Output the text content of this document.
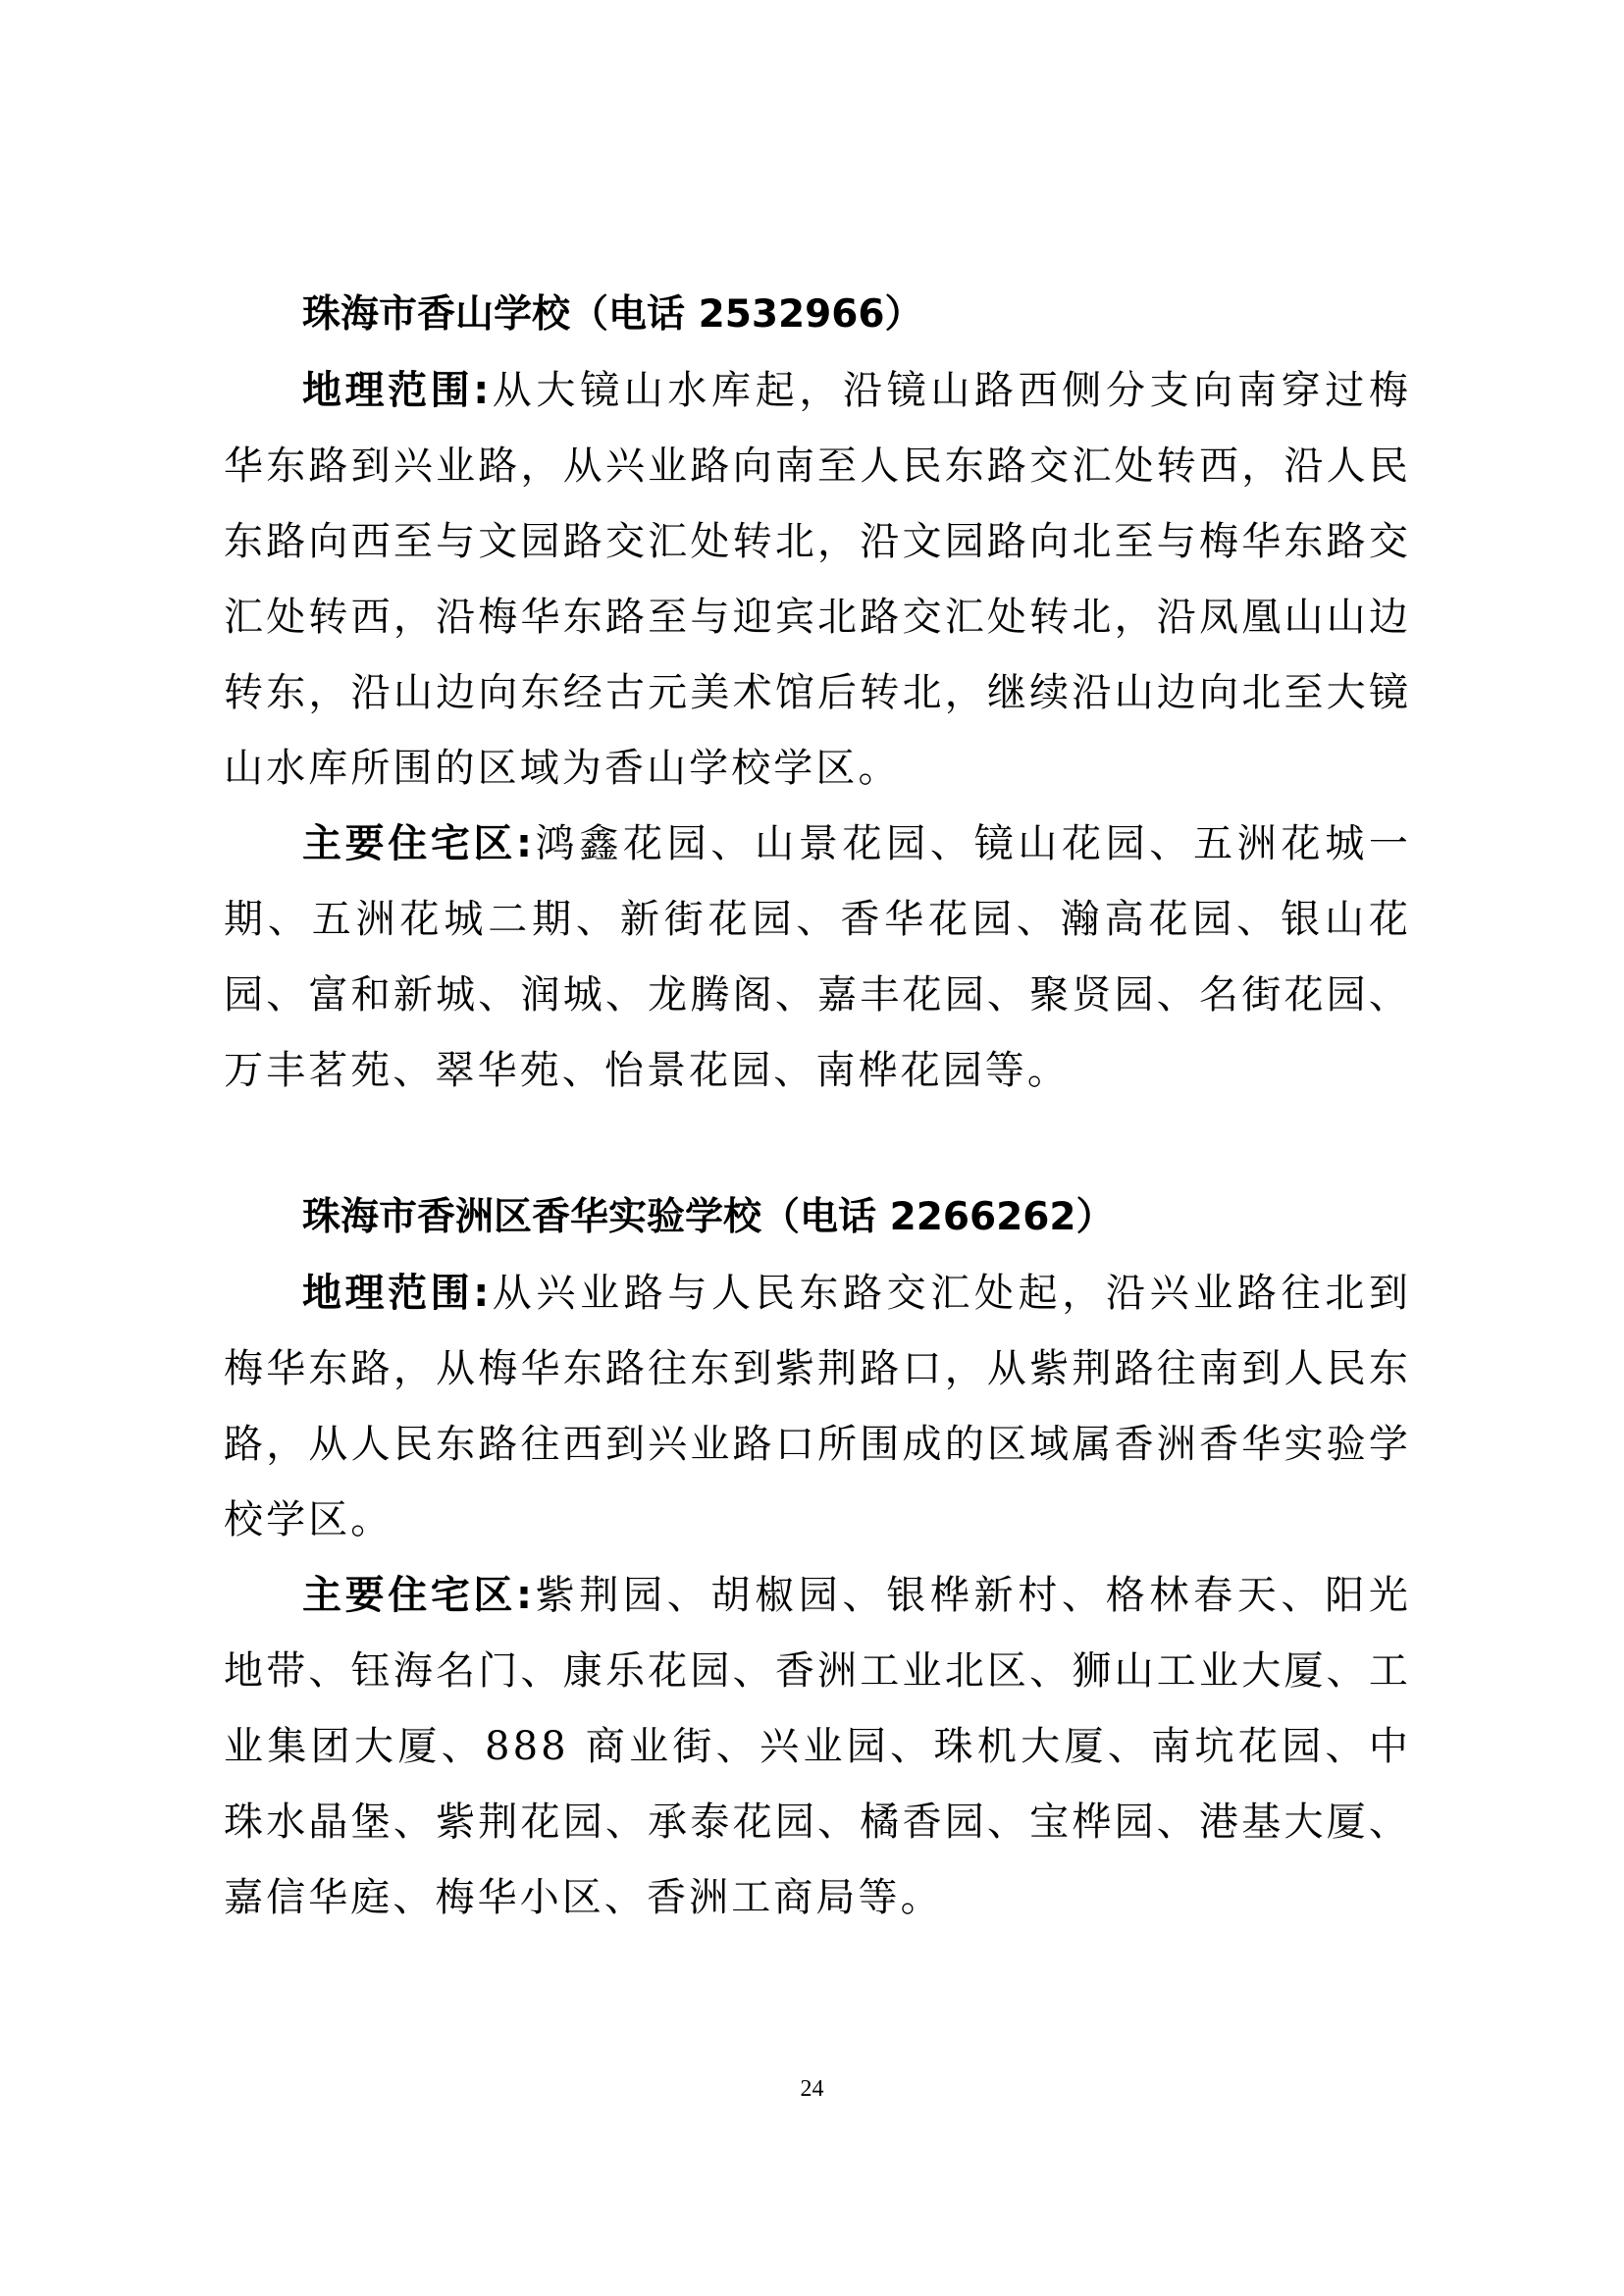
珠海市香山学校（电话 2532966）

地理范围:从大镜山水库起，沿镜山路西侧分支向南穿过梅华东路到兴业路，从兴业路向南至人民东路交汇处转西，沿人民东路向西至与文园路交汇处转北，沿文园路向北至与梅华东路交汇处转西，沿梅华东路至与迎宾北路交汇处转北，沿凤凰山山边转东，沿山边向东经古元美术馆后转北，继续沿山边向北至大镜山水库所围的区域为香山学校学区。

主要住宅区:鸿鑫花园、山景花园、镜山花园、五洲花城一期、五洲花城二期、新街花园、香华花园、瀚高花园、银山花园、富和新城、润城、龙腾阁、嘉丰花园、聚贤园、名街花园、万丰茗苑、翠华苑、怡景花园、南桦花园等。

珠海市香洲区香华实验学校（电话 2266262）

地理范围:从兴业路与人民东路交汇处起，沿兴业路往北到梅华东路，从梅华东路往东到紫荆路口，从紫荆路往南到人民东路，从人民东路往西到兴业路口所围成的区域属香洲香华实验学校学区。

主要住宅区:紫荆园、胡椒园、银桦新村、格林春天、阳光地带、钰海名门、康乐花园、香洲工业北区、狮山工业大厦、工业集团大厦、888 商业街、兴业园、珠机大厦、南坑花园、中珠水晶堡、紫荆花园、承泰花园、橘香园、宝桦园、港基大厦、嘉信华庭、梅华小区、香洲工商局等。

24
